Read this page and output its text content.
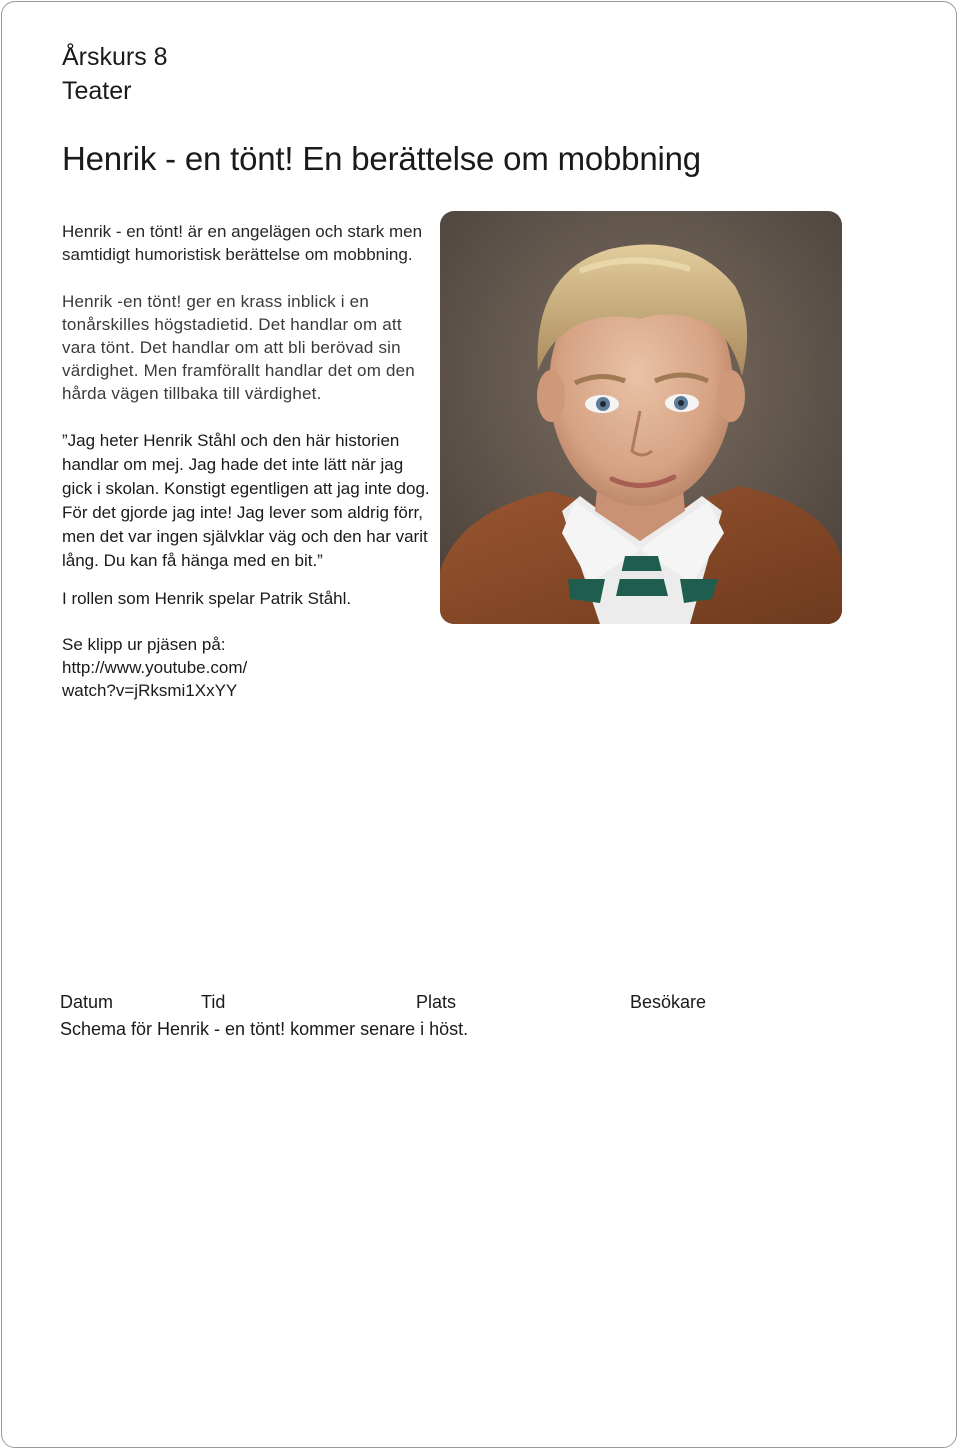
Årskurs 8
Teater
Henrik - en tönt! En berättelse om mobbning

Henrik - en tönt! är en angelägen och stark men samtidigt humoristisk berättelse om mobbning.

Henrik -en tönt! ger en krass inblick i en tonårskilles högstadietid. Det handlar om att vara tönt. Det handlar om att bli berövad sin värdighet. Men framförallt handlar det om den hårda vägen tillbaka till värdighet.

”Jag heter Henrik Ståhl och den här historien handlar om mej. Jag hade det inte lätt när jag gick i skolan. Konstigt egentligen att jag inte dog. För det gjorde jag inte! Jag lever som aldrig förr, men det var ingen självklar väg och den har varit lång. Du kan få hänga med en bit.”

I rollen som Henrik spelar Patrik Ståhl.

Se klipp ur pjäsen på:
http://www.youtube.com/
watch?v=jRksmi1XxYY

Datum	Tid	Plats	Besökare

Schema för Henrik - en tönt! kommer senare i höst.
